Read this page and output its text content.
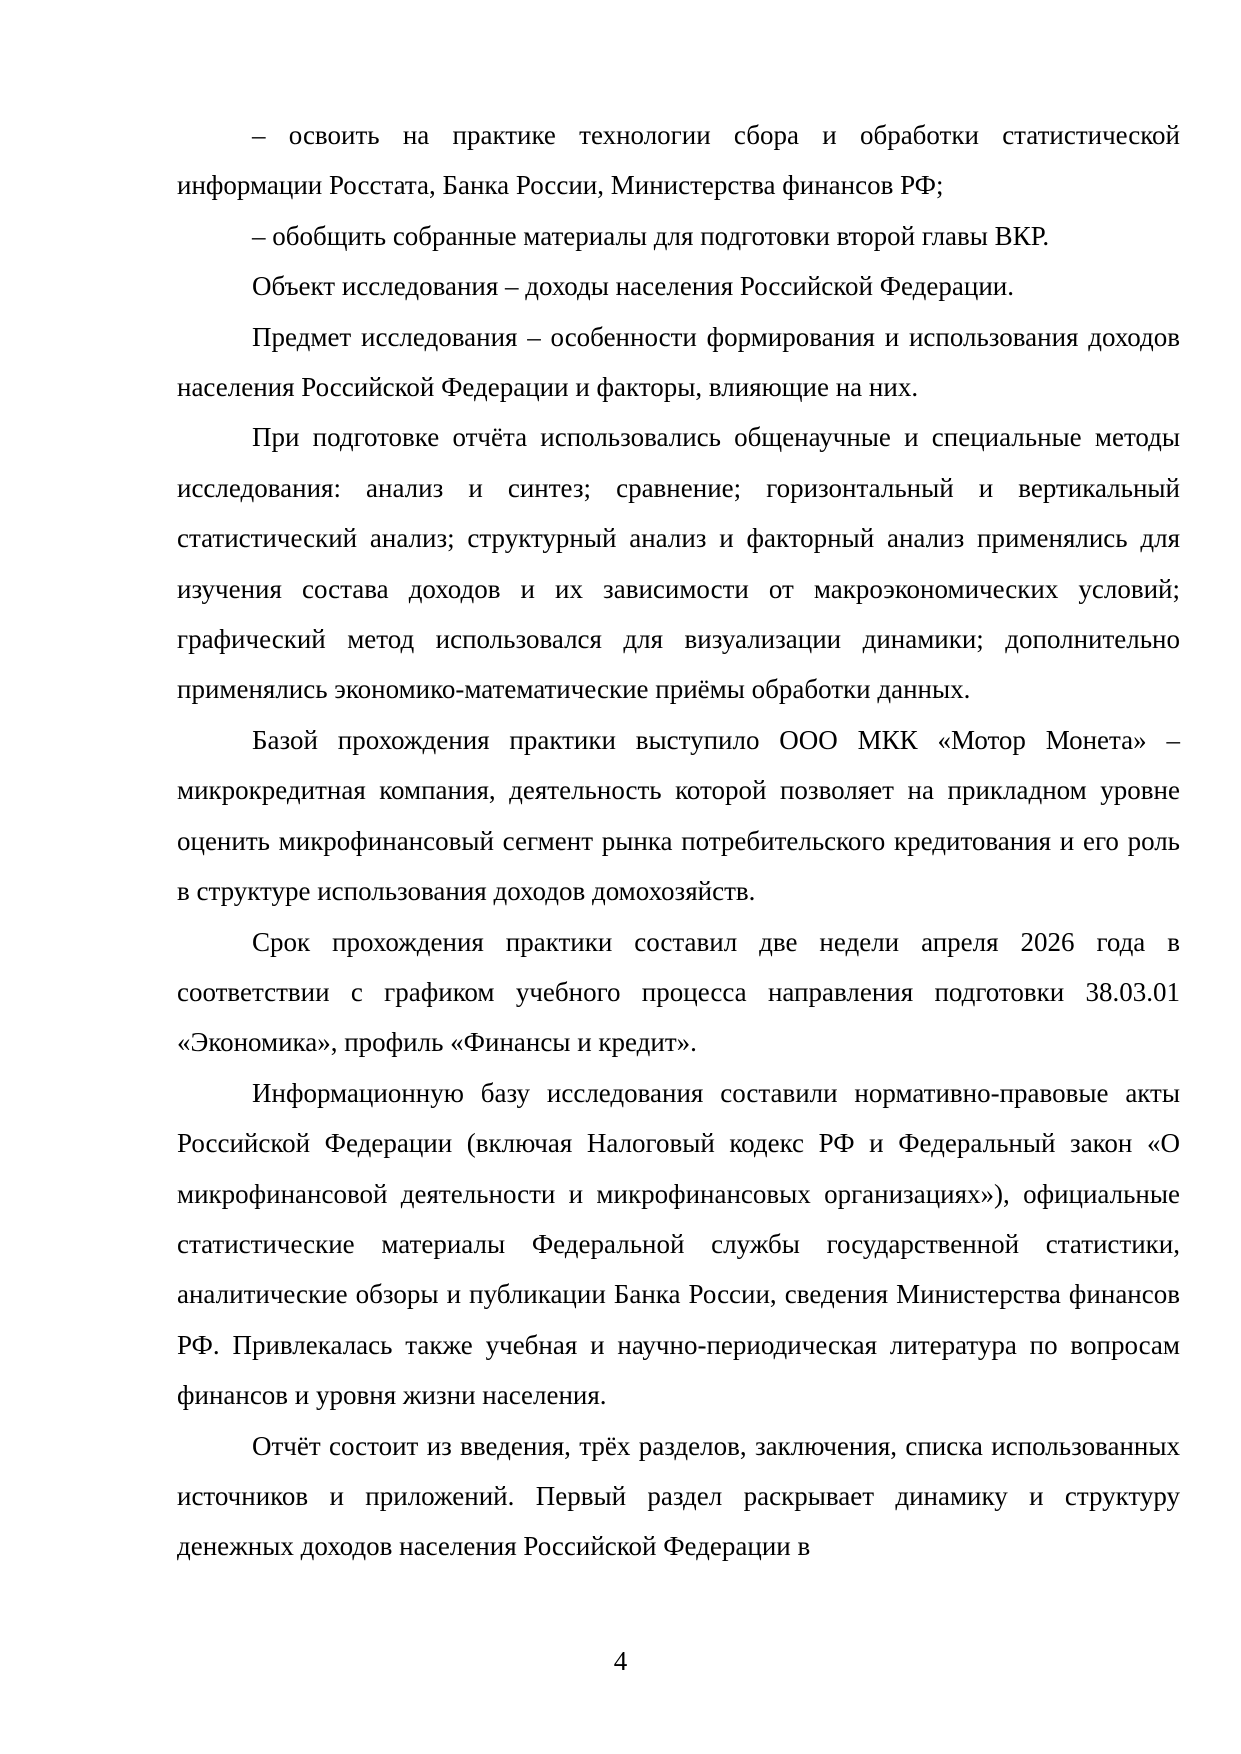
– освоить на практике технологии сбора и обработки статистической информации Росстата, Банка России, Министерства финансов РФ;

– обобщить собранные материалы для подготовки второй главы ВКР.

Объект исследования – доходы населения Российской Федерации.

Предмет исследования – особенности формирования и использования доходов населения Российской Федерации и факторы, влияющие на них.

При подготовке отчёта использовались общенаучные и специальные методы исследования: анализ и синтез; сравнение; горизонтальный и вертикальный статистический анализ; структурный анализ и факторный анализ применялись для изучения состава доходов и их зависимости от макроэкономических условий; графический метод использовался для визуализации динамики; дополнительно применялись экономико-математические приёмы обработки данных.

Базой прохождения практики выступило ООО МКК «Мотор Монета» – микрокредитная компания, деятельность которой позволяет на прикладном уровне оценить микрофинансовый сегмент рынка потребительского кредитования и его роль в структуре использования доходов домохозяйств.

Срок прохождения практики составил две недели апреля 2026 года в соответствии с графиком учебного процесса направления подготовки 38.03.01 «Экономика», профиль «Финансы и кредит».

Информационную базу исследования составили нормативно-правовые акты Российской Федерации (включая Налоговый кодекс РФ и Федеральный закон «О микрофинансовой деятельности и микрофинансовых организациях»), официальные статистические материалы Федеральной службы государственной статистики, аналитические обзоры и публикации Банка России, сведения Министерства финансов РФ. Привлекалась также учебная и научно-периодическая литература по вопросам финансов и уровня жизни населения.

Отчёт состоит из введения, трёх разделов, заключения, списка использованных источников и приложений. Первый раздел раскрывает динамику и структуру денежных доходов населения Российской Федерации в

4
